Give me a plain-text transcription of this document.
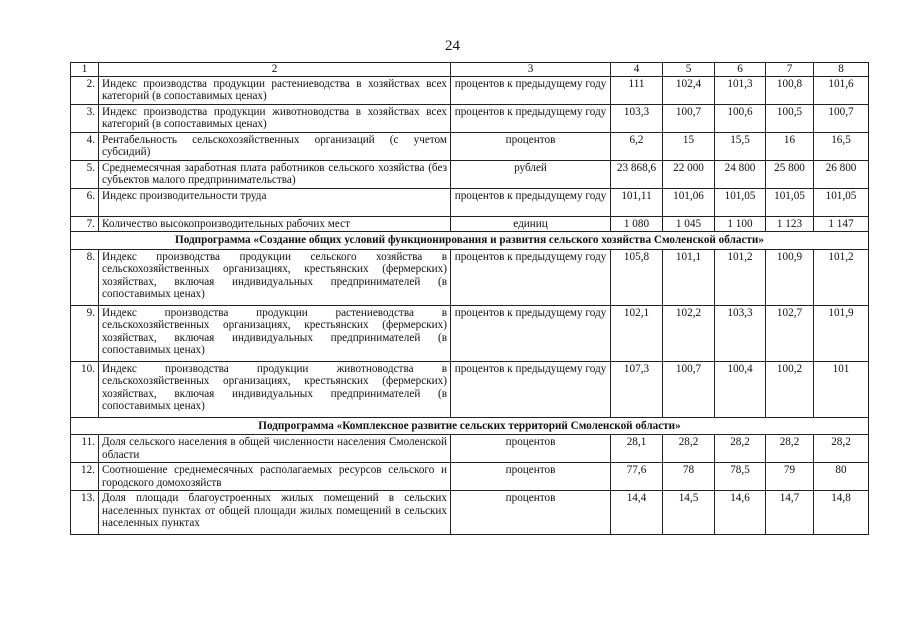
24
1	2	3	4	5	6	7	8
2.	Индекс производства продукции растениеводства в хозяйствах всех категорий (в сопоставимых ценах)	процентов к предыдущему году	111	102,4	101,3	100,8	101,6
3.	Индекс производства продукции животноводства в хозяйствах всех категорий (в сопоставимых ценах)	процентов к предыдущему году	103,3	100,7	100,6	100,5	100,7
4.	Рентабельность сельскохозяйственных организаций (с учетом субсидий)	процентов	6,2	15	15,5	16	16,5
5.	Среднемесячная заработная плата работников сельского хозяйства (без субъектов малого предпринимательства)	рублей	23 868,6	22 000	24 800	25 800	26 800
6.	Индекс производительности труда	процентов к предыдущему году	101,11	101,06	101,05	101,05	101,05
7.	Количество высокопроизводительных рабочих мест	единиц	1 080	1 045	1 100	1 123	1 147
Подпрограмма «Создание общих условий функционирования и развития сельского хозяйства Смоленской области»							
8.	Индекс производства продукции сельского хозяйства в сельскохозяйственных организациях, крестьянских (фермерских) хозяйствах, включая индивидуальных предпринимателей (в сопоставимых ценах)	процентов к предыдущему году	105,8	101,1	101,2	100,9	101,2
9.	Индекс производства продукции растениеводства в сельскохозяйственных организациях, крестьянских (фермерских) хозяйствах, включая индивидуальных предпринимателей (в сопоставимых ценах)	процентов к предыдущему году	102,1	102,2	103,3	102,7	101,9
10.	Индекс производства продукции животноводства в сельскохозяйственных организациях, крестьянских (фермерских) хозяйствах, включая индивидуальных предпринимателей (в сопоставимых ценах)	процентов к предыдущему году	107,3	100,7	100,4	100,2	101
Подпрограмма «Комплексное развитие сельских территорий Смоленской области»							
11.	Доля сельского населения в общей численности населения Смоленской области	процентов	28,1	28,2	28,2	28,2	28,2
12.	Соотношение среднемесячных располагаемых ресурсов сельского и городского домохозяйств	процентов	77,6	78	78,5	79	80
13.	Доля площади благоустроенных жилых помещений в сельских населенных пунктах от общей площади жилых помещений в сельских населенных пунктах	процентов	14,4	14,5	14,6	14,7	14,8
